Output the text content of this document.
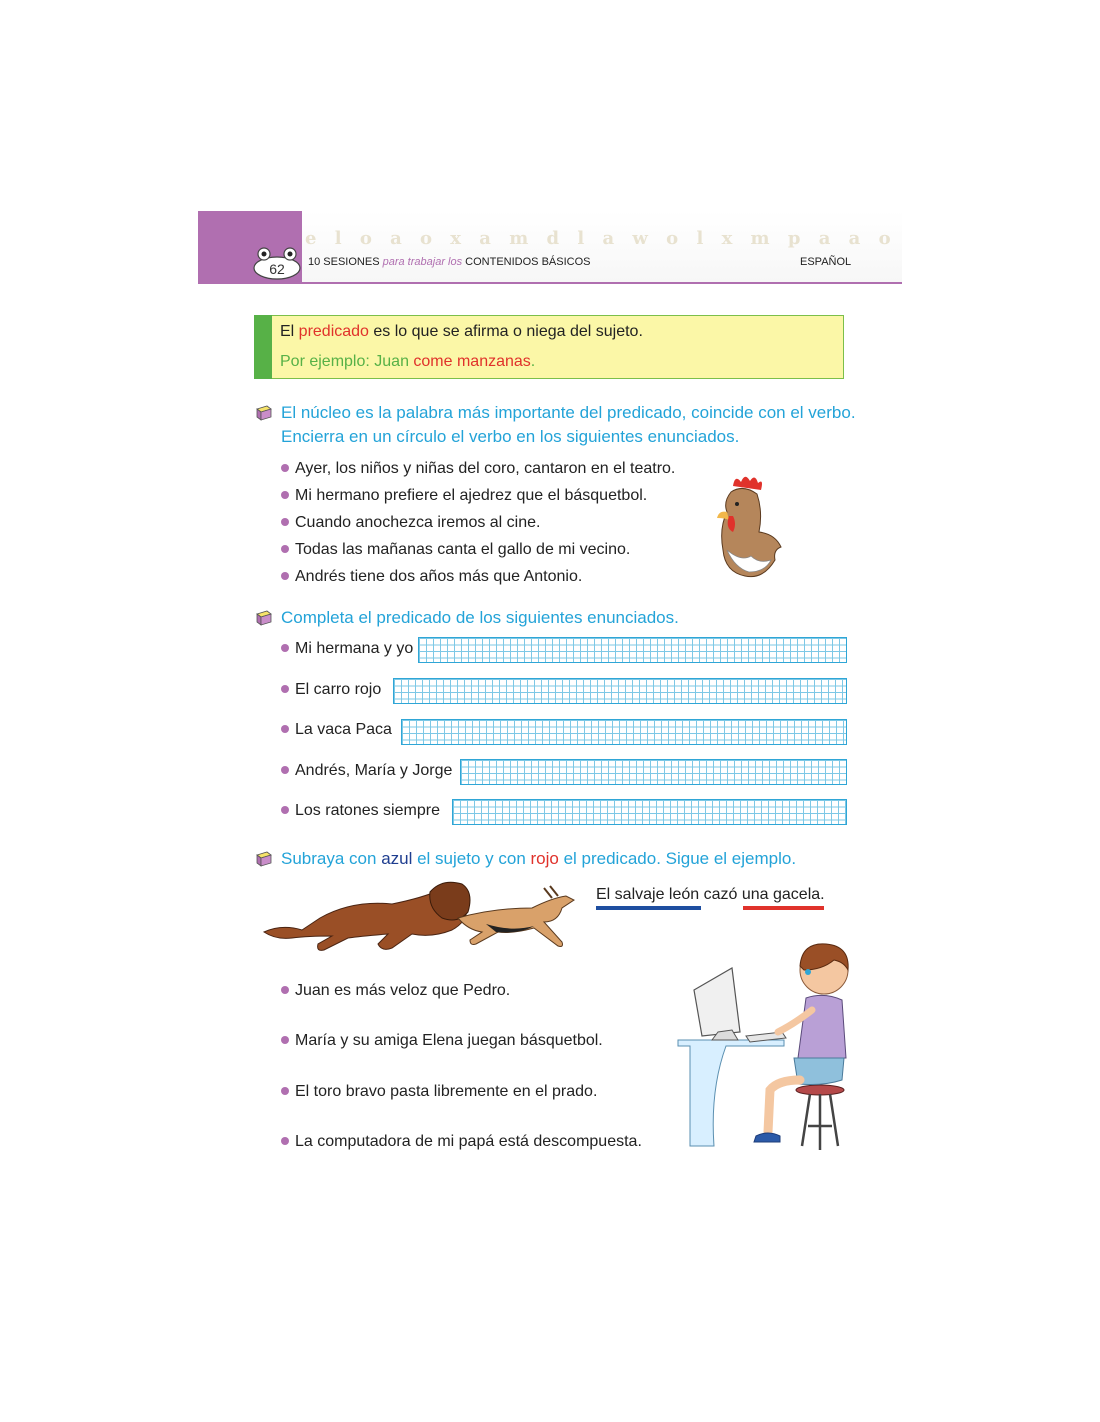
e l o a o x a m d l a w o l x m p a a o
62	10 SESIONES para trabajar los CONTENIDOS BÁSICOS	ESPAÑOL
El predicado es lo que se afirma o niega del sujeto.
Por ejemplo: Juan come manzanas.
El núcleo es la palabra más importante del predicado, coincide con el verbo.
Encierra en un círculo el verbo en los siguientes enunciados.
Ayer, los niños y niñas del coro, cantaron en el teatro.
Mi hermano prefiere el ajedrez que el básquetbol.
Cuando anochezca iremos al cine.
Todas las mañanas canta el gallo de mi vecino.
Andrés tiene dos años más que Antonio.
Completa el predicado de los siguientes enunciados.
Mi hermana y yo
El carro rojo
La vaca Paca
Andrés, María y Jorge
Los ratones siempre
Subraya con azul el sujeto y con rojo el predicado. Sigue el ejemplo.
El salvaje león cazó una gacela.
Juan es más veloz que Pedro.
María y su amiga Elena juegan básquetbol.
El toro bravo pasta libremente en el prado.
La computadora de mi papá está descompuesta.
